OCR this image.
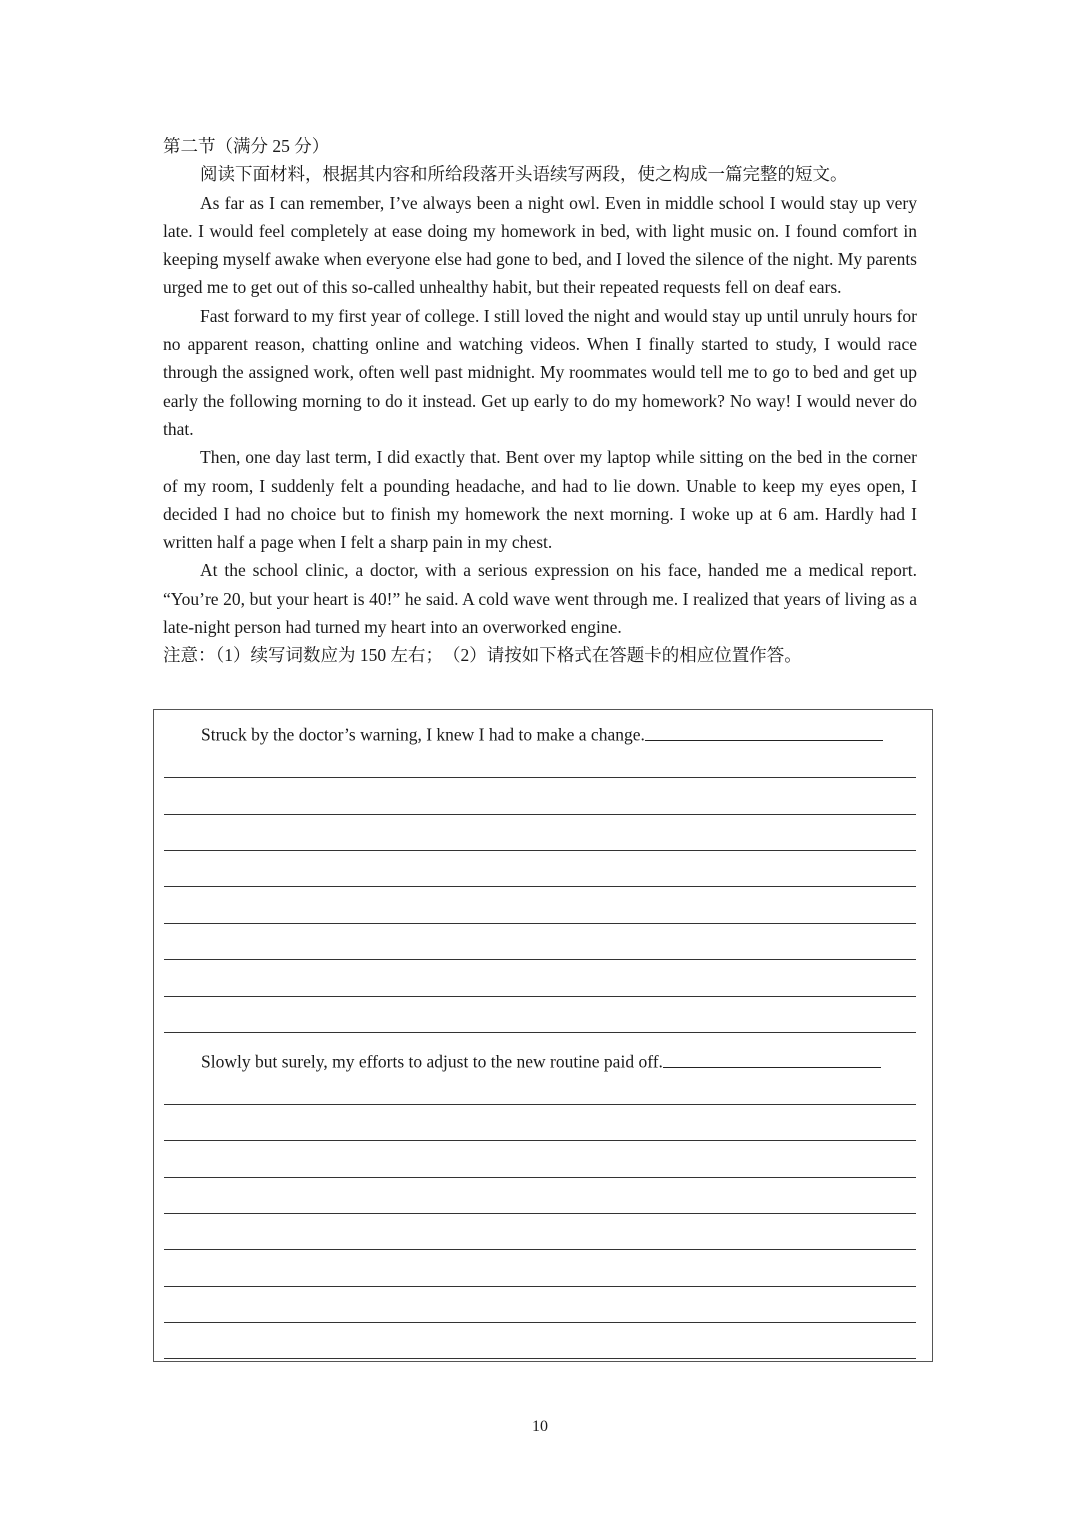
第二节（满分 25 分）

阅读下面材料，根据其内容和所给段落开头语续写两段，使之构成一篇完整的短文。

As far as I can remember, I’ve always been a night owl. Even in middle school I would stay up very late. I would feel completely at ease doing my homework in bed, with light music on. I found comfort in keeping myself awake when everyone else had gone to bed, and I loved the silence of the night. My parents urged me to get out of this so-called unhealthy habit, but their repeated requests fell on deaf ears.

Fast forward to my first year of college. I still loved the night and would stay up until unruly hours for no apparent reason, chatting online and watching videos. When I finally started to study, I would race through the assigned work, often well past midnight. My roommates would tell me to go to bed and get up early the following morning to do it instead. Get up early to do my homework? No way! I would never do that.

Then, one day last term, I did exactly that. Bent over my laptop while sitting on the bed in the corner of my room, I suddenly felt a pounding headache, and had to lie down. Unable to keep my eyes open, I decided I had no choice but to finish my homework the next morning. I woke up at 6 am. Hardly had I written half a page when I felt a sharp pain in my chest.

At the school clinic, a doctor, with a serious expression on his face, handed me a medical report. “You’re 20, but your heart is 40!” he said. A cold wave went through me. I realized that years of living as a late-night person had turned my heart into an overworked engine.

注意：（1）续写词数应为 150 左右；　（2）请按如下格式在答题卡的相应位置作答。

Struck by the doctor’s warning, I knew I had to make a change.
Slowly but surely, my efforts to adjust to the new routine paid off.
10
